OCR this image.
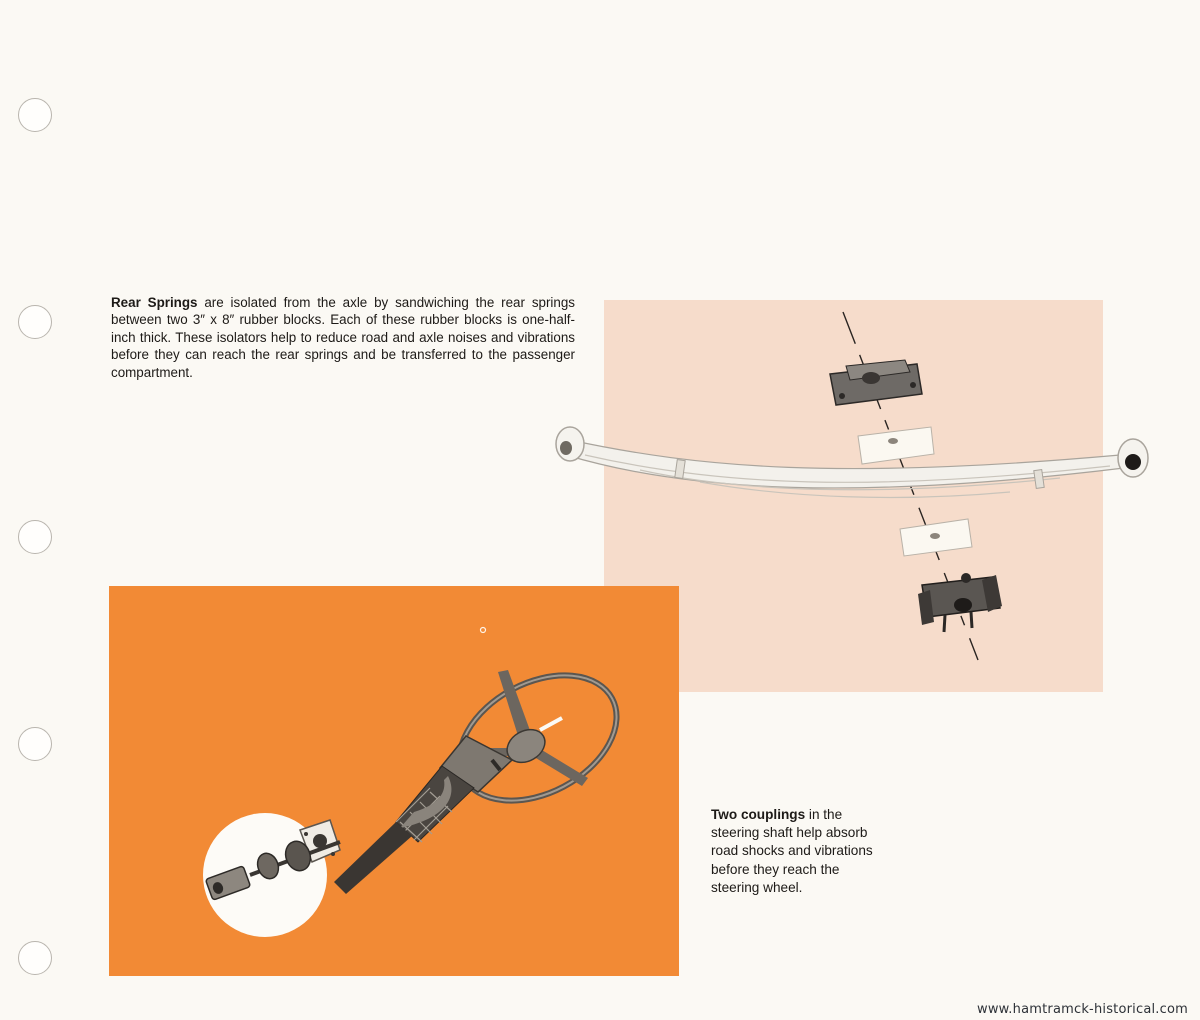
Rear Springs are isolated from the axle by sandwiching the rear springs between two 3″ x 8″ rubber blocks. Each of these rubber blocks is one-half-inch thick. These isolators help to reduce road and axle noises and vibrations before they can reach the rear springs and be transferred to the passenger compartment.
Two couplings in the steering shaft help absorb road shocks and vibrations before they reach the steering wheel.
www.hamtramck-historical.com
